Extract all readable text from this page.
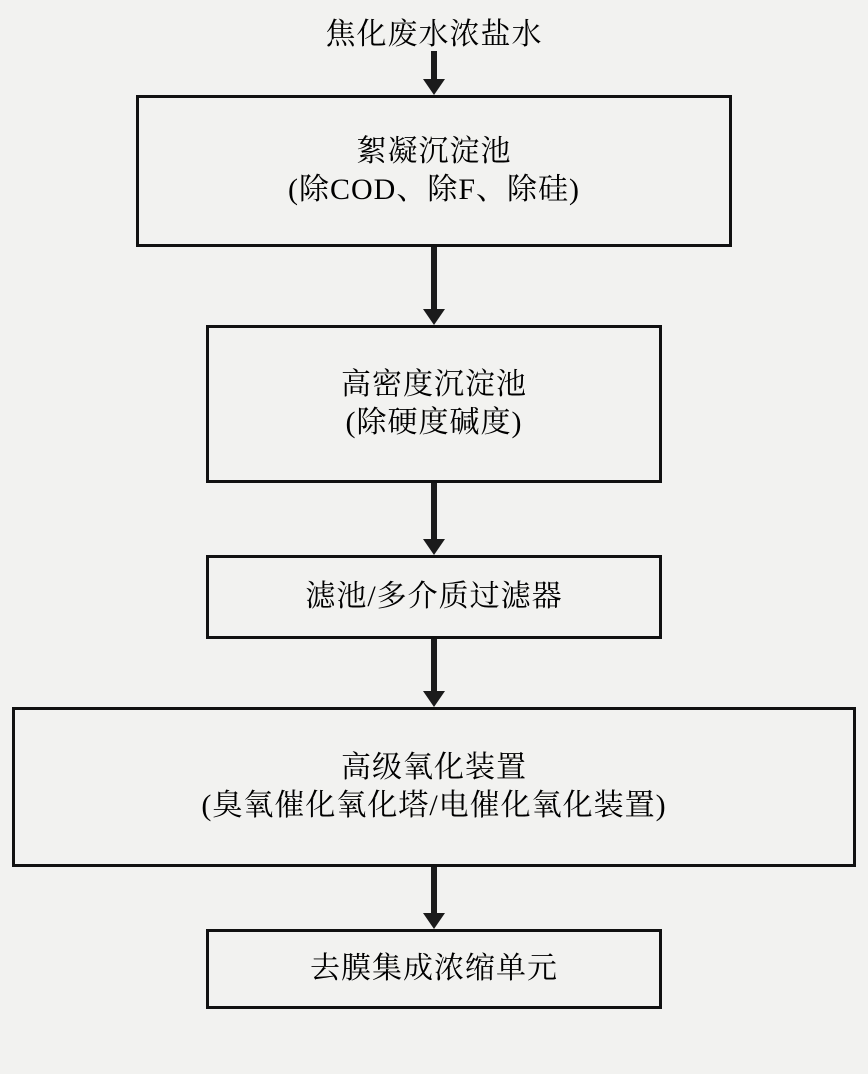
焦化废水浓盐水
絮凝沉淀池
(除COD、除F、除硅)
高密度沉淀池
(除硬度碱度)
滤池/多介质过滤器
高级氧化装置
(臭氧催化氧化塔/电催化氧化装置)
去膜集成浓缩单元
